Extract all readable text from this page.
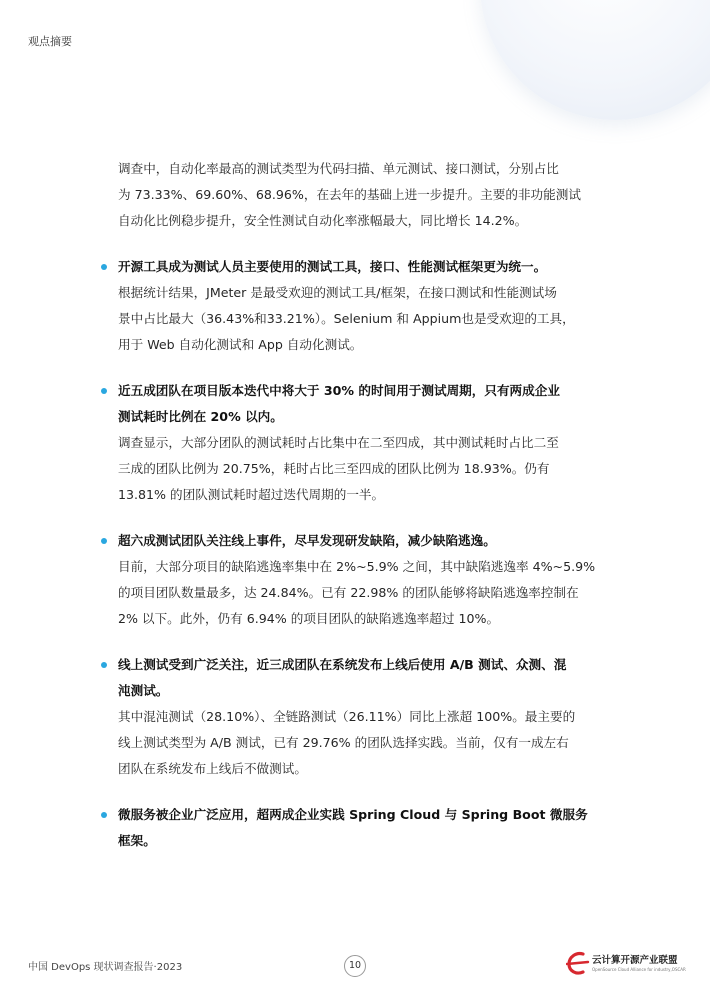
观点摘要

调查中，自动化率最高的测试类型为代码扫描、单元测试、接口测试，分别占比

为 73.33%、69.60%、68.96%，在去年的基础上进一步提升。主要的非功能测试

自动化比例稳步提升，安全性测试自动化率涨幅最大，同比增长 14.2%。

开源工具成为测试人员主要使用的测试工具，接口、性能测试框架更为统一。

根据统计结果，JMeter 是最受欢迎的测试工具/框架，在接口测试和性能测试场

景中占比最大（36.43%和33.21%）。Selenium 和 Appium也是受欢迎的工具，

用于 Web 自动化测试和 App 自动化测试。

近五成团队在项目版本迭代中将大于 30% 的时间用于测试周期，只有两成企业

测试耗时比例在 20% 以内。

调查显示，大部分团队的测试耗时占比集中在二至四成，其中测试耗时占比二至

三成的团队比例为 20.75%，耗时占比三至四成的团队比例为 18.93%。仍有

13.81% 的团队测试耗时超过迭代周期的一半。

超六成测试团队关注线上事件，尽早发现研发缺陷，减少缺陷逃逸。

目前，大部分项目的缺陷逃逸率集中在 2%~5.9% 之间，其中缺陷逃逸率 4%~5.9%

的项目团队数量最多，达 24.84%。已有 22.98% 的团队能够将缺陷逃逸率控制在

2% 以下。此外，仍有 6.94% 的项目团队的缺陷逃逸率超过 10%。

线上测试受到广泛关注，近三成团队在系统发布上线后使用 A/B 测试、众测、混

沌测试。

其中混沌测试（28.10%）、全链路测试（26.11%）同比上涨超 100%。最主要的

线上测试类型为 A/B 测试，已有 29.76% 的团队选择实践。当前，仅有一成左右

团队在系统发布上线后不做测试。

微服务被企业广泛应用，超两成企业实践 Spring Cloud 与 Spring Boot 微服务

框架。

中国 DevOps 现状调查报告·2023	10	云计算开源产业联盟
OpenSource Cloud Alliance for industry,OSCAR
